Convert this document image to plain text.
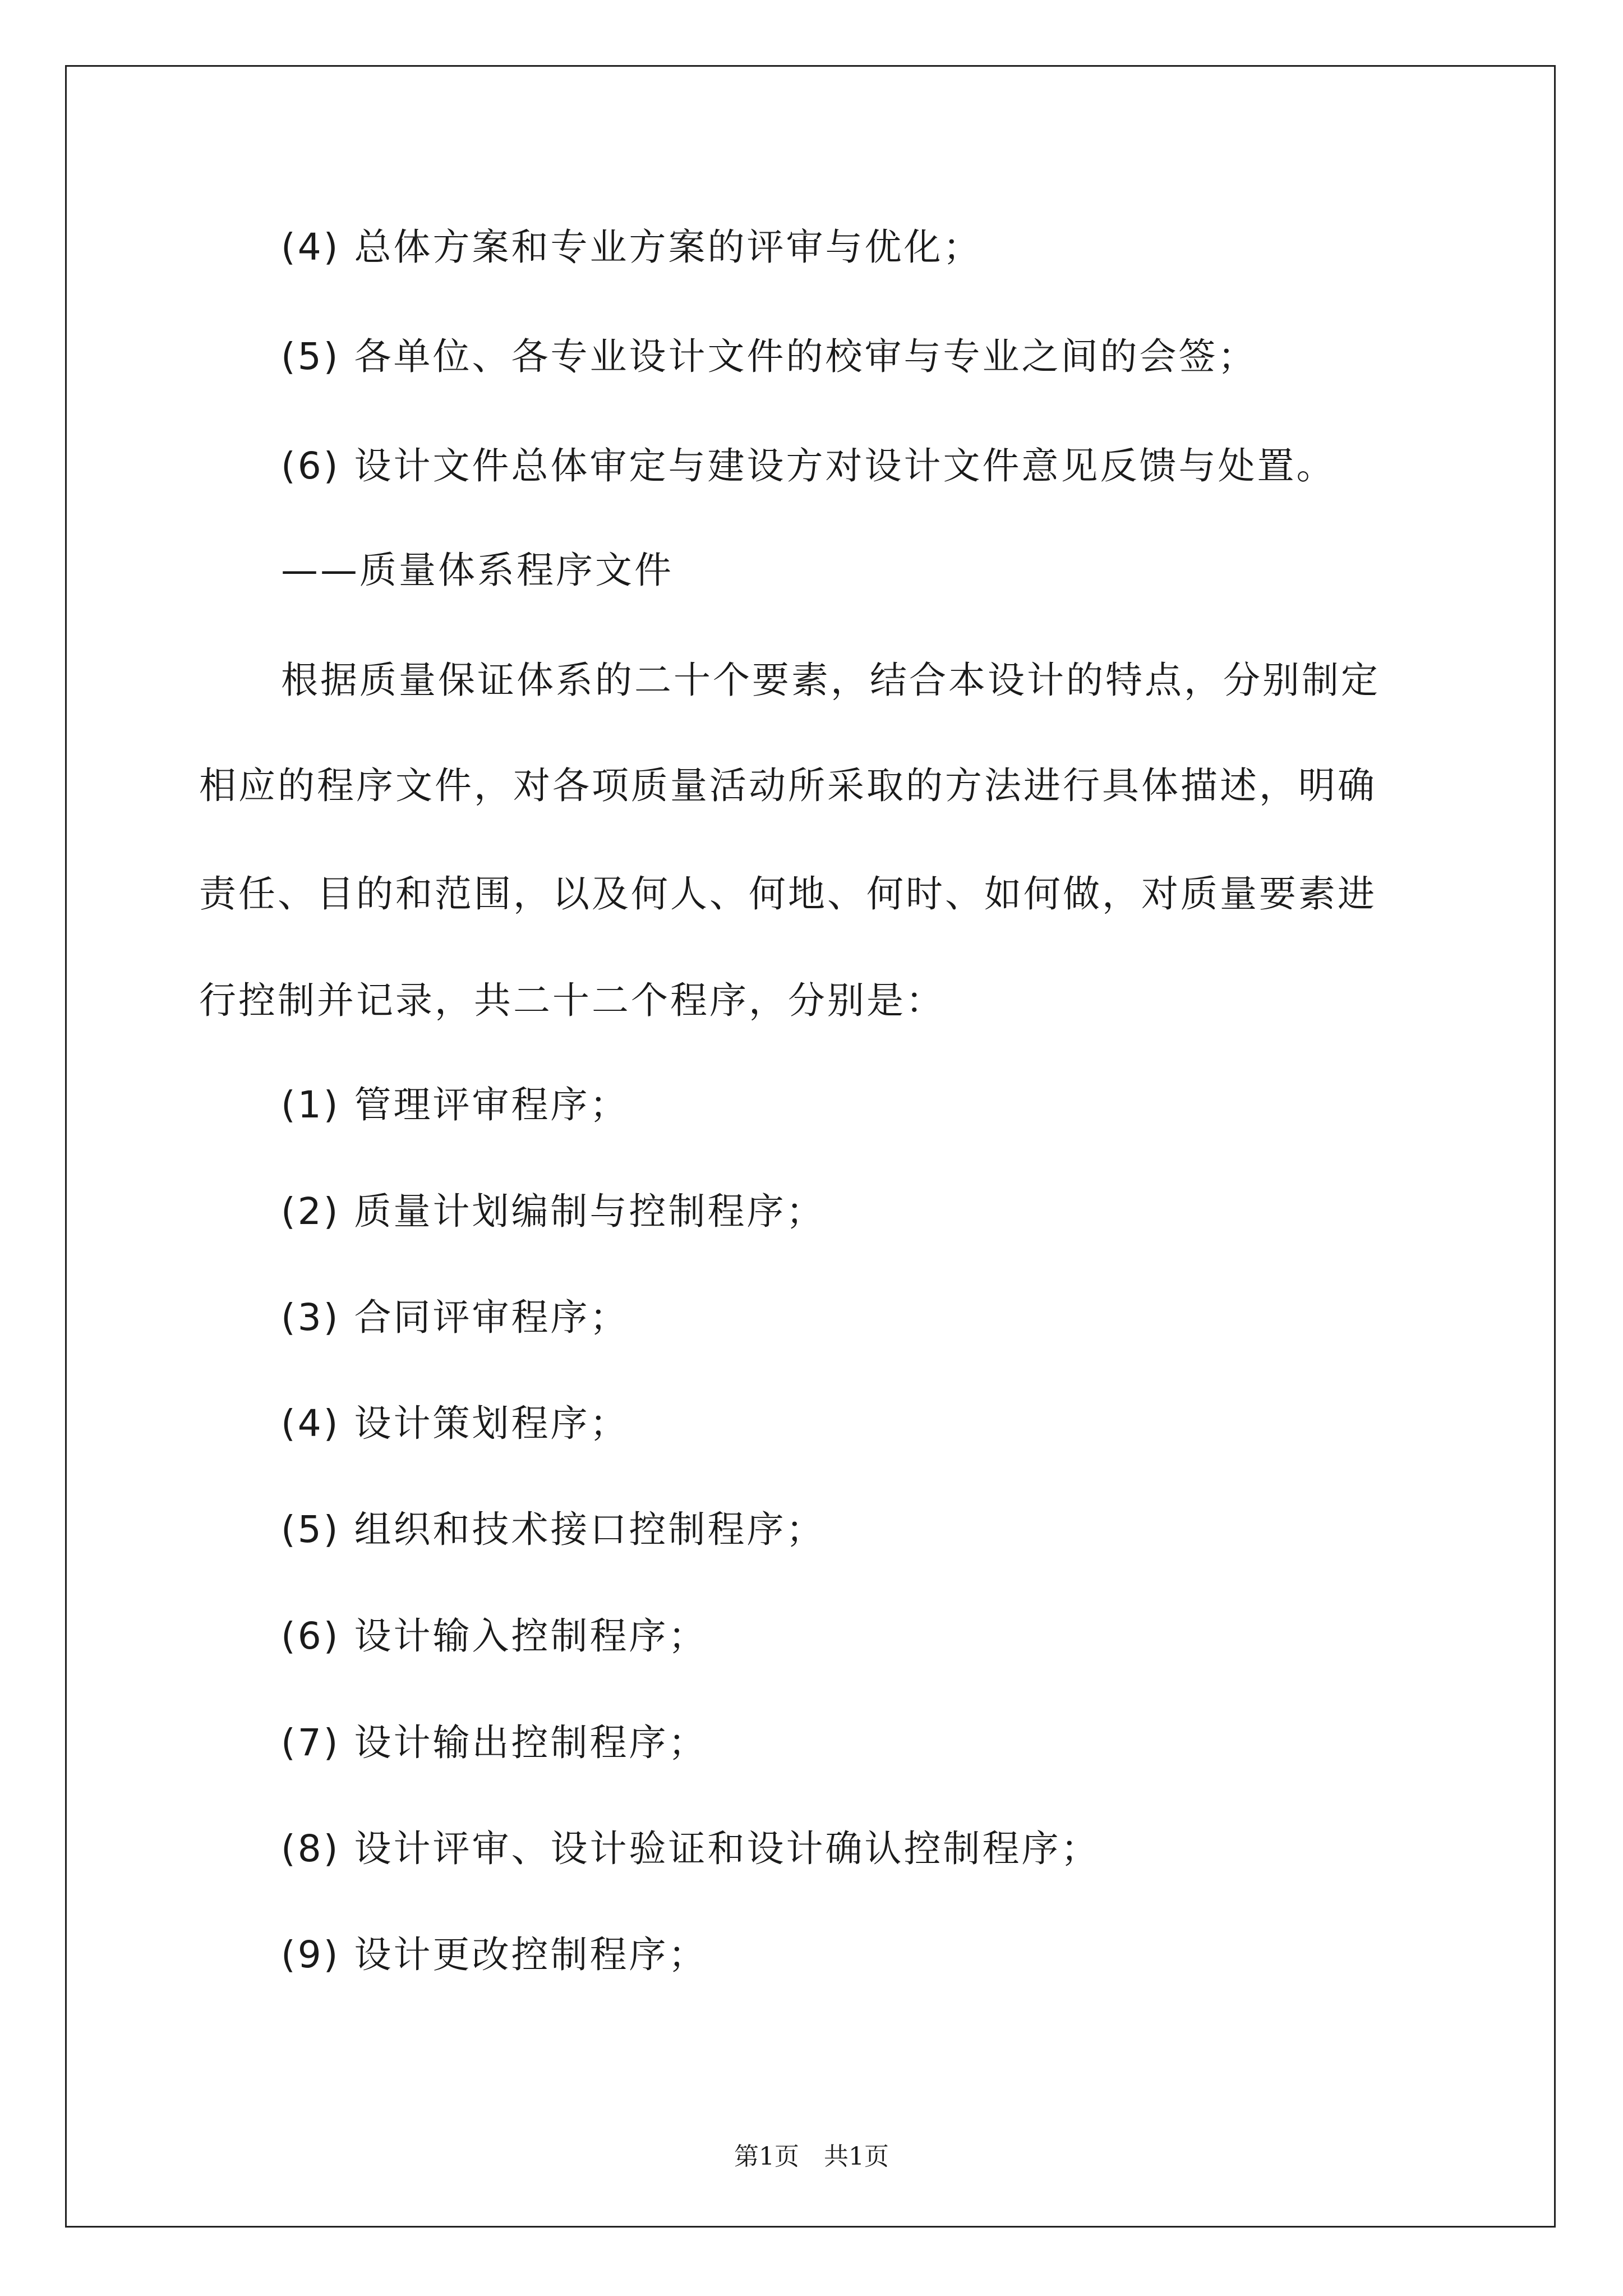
(4) 总体方案和专业方案的评审与优化；
(5) 各单位、各专业设计文件的校审与专业之间的会签；
(6) 设计文件总体审定与建设方对设计文件意见反馈与处置。
——质量体系程序文件
根据质量保证体系的二十个要素，结合本设计的特点，分别制定
相应的程序文件，对各项质量活动所采取的方法进行具体描述，明确
责任、目的和范围，以及何人、何地、何时、如何做，对质量要素进
行控制并记录，共二十二个程序，分别是：
(1) 管理评审程序；
(2) 质量计划编制与控制程序；
(3) 合同评审程序；
(4) 设计策划程序；
(5) 组织和技术接口控制程序；
(6) 设计输入控制程序；
(7) 设计输出控制程序；
(8) 设计评审、设计验证和设计确认控制程序；
(9) 设计更改控制程序；
第1页　共1页
